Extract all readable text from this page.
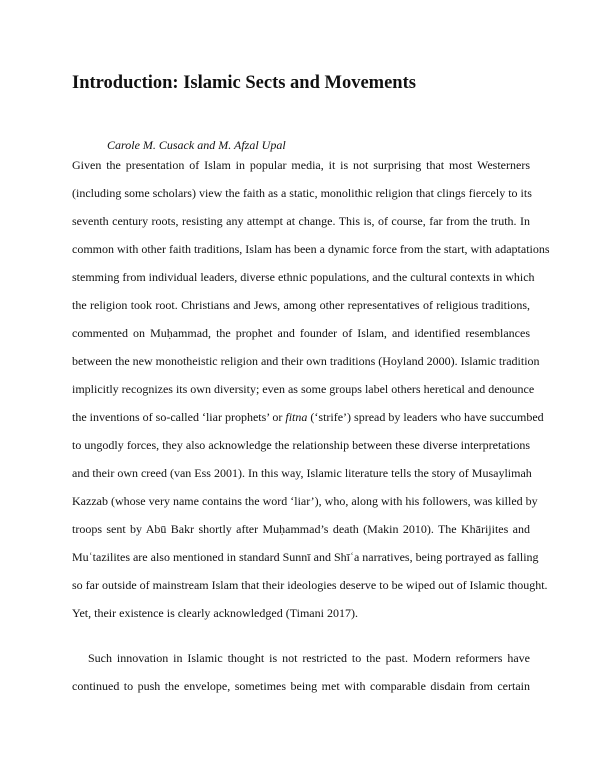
Introduction: Islamic Sects and Movements
Carole M. Cusack and M. Afzal Upal
Given the presentation of Islam in popular media, it is not surprising that most Westerners
(including some scholars) view the faith as a static, monolithic religion that clings fiercely to its
seventh century roots, resisting any attempt at change. This is, of course, far from the truth. In
common with other faith traditions, Islam has been a dynamic force from the start, with adaptations
stemming from individual leaders, diverse ethnic populations, and the cultural contexts in which
the religion took root. Christians and Jews, among other representatives of religious traditions,
commented on Muḥammad, the prophet and founder of Islam, and identified resemblances
between the new monotheistic religion and their own traditions (Hoyland 2000). Islamic tradition
implicitly recognizes its own diversity; even as some groups label others heretical and denounce
the inventions of so-called ‘liar prophets’ or fitna (‘strife’) spread by leaders who have succumbed
to ungodly forces, they also acknowledge the relationship between these diverse interpretations
and their own creed (van Ess 2001). In this way, Islamic literature tells the story of Musaylimah
Kazzab (whose very name contains the word ‘liar’), who, along with his followers, was killed by
troops sent by Abū Bakr shortly after Muḥammad’s death (Makin 2010). The Khārijites and
Muʿtazilites are also mentioned in standard Sunnī and Shīʿa narratives, being portrayed as falling
so far outside of mainstream Islam that their ideologies deserve to be wiped out of Islamic thought.
Yet, their existence is clearly acknowledged (Timani 2017).
Such innovation in Islamic thought is not restricted to the past. Modern reformers have
continued to push the envelope, sometimes being met with comparable disdain from certain
